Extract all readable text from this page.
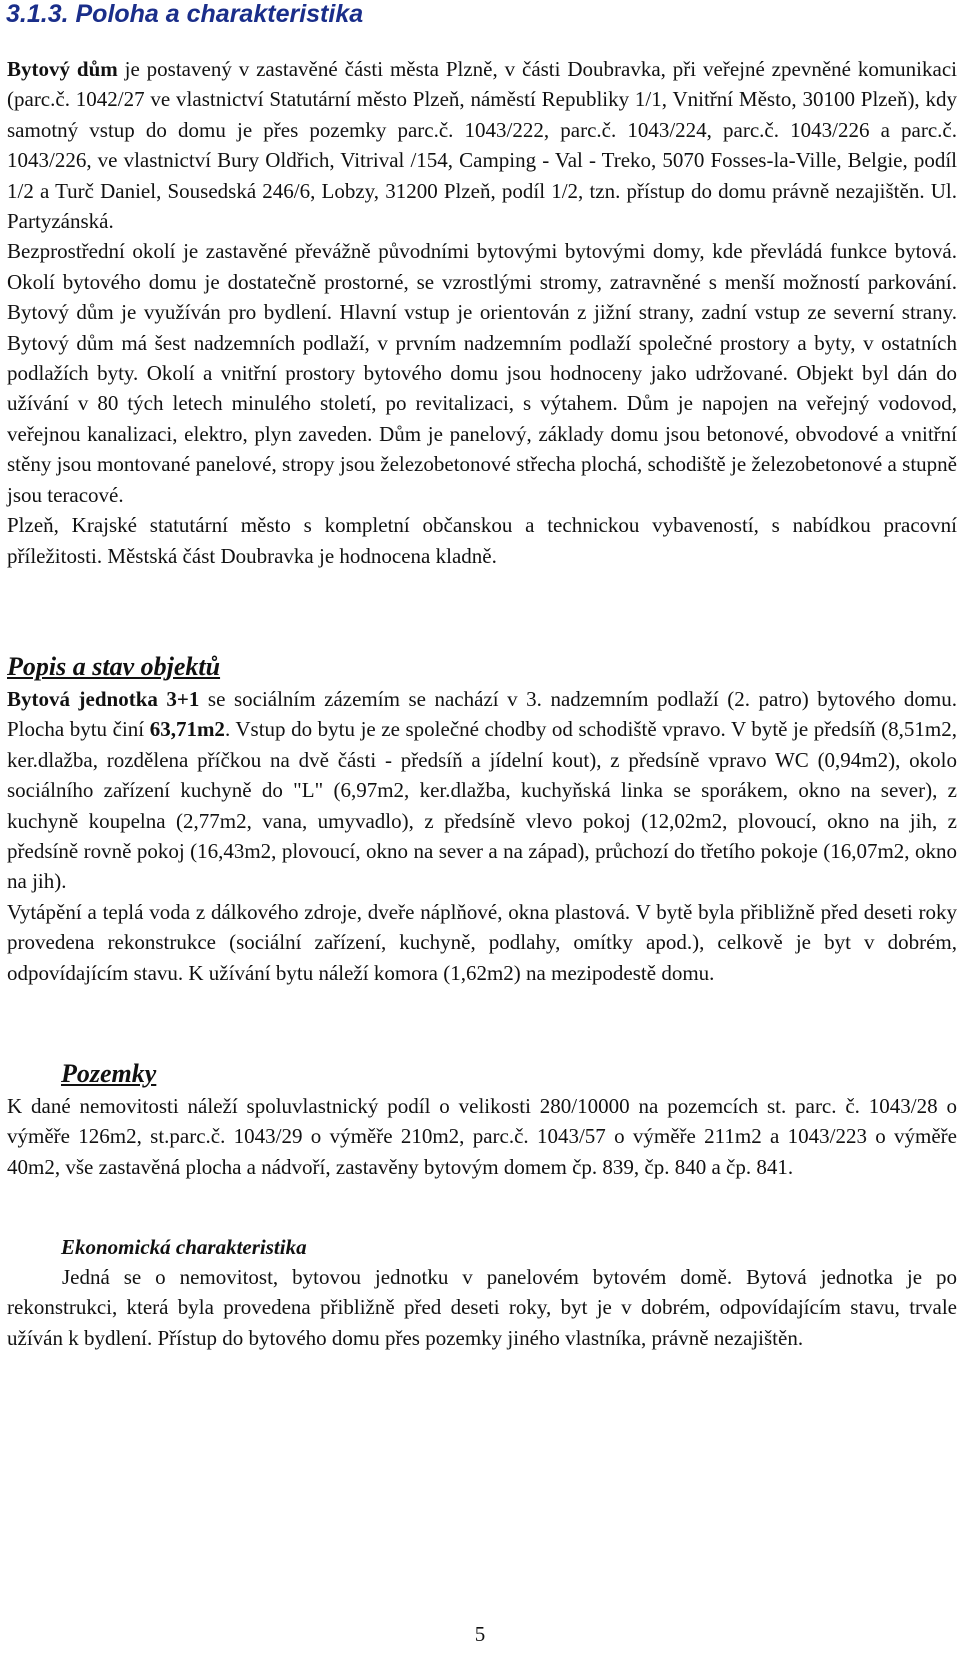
3.1.3. Poloha a charakteristika

Bytový dům je postavený v zastavěné části města Plzně, v části Doubravka, při veřejné zpevněné komunikaci (parc.č. 1042/27 ve vlastnictví Statutární město Plzeň, náměstí Republiky 1/1, Vnitřní Město, 30100 Plzeň), kdy samotný vstup do domu je přes pozemky parc.č. 1043/222, parc.č. 1043/224, parc.č. 1043/226 a parc.č. 1043/226, ve vlastnictví Bury Oldřich, Vitrival /154, Camping - Val - Treko, 5070 Fosses-la-Ville, Belgie, podíl 1/2 a Turč Daniel, Sousedská 246/6, Lobzy, 31200 Plzeň, podíl 1/2, tzn. přístup do domu právně nezajištěn. Ul. Partyzánská.

Bezprostřední okolí je zastavěné převážně původními bytovými bytovými domy, kde převládá funkce bytová. Okolí bytového domu je dostatečně prostorné, se vzrostlými stromy, zatravněné s menší možností parkování. Bytový dům je využíván pro bydlení. Hlavní vstup je orientován z jižní strany, zadní vstup ze severní strany. Bytový dům má šest nadzemních podlaží, v prvním nadzemním podlaží společné prostory a byty, v ostatních podlažích byty. Okolí a vnitřní prostory bytového domu jsou hodnoceny jako udržované. Objekt byl dán do užívání v 80 tých letech minulého století, po revitalizaci, s výtahem. Dům je napojen na veřejný vodovod, veřejnou kanalizaci, elektro, plyn zaveden. Dům je panelový, základy domu jsou betonové, obvodové a vnitřní stěny jsou montované panelové, stropy jsou železobetonové střecha plochá, schodiště je železobetonové a stupně jsou teracové.

Plzeň, Krajské statutární město s kompletní občanskou a technickou vybaveností, s nabídkou pracovní příležitosti. Městská část Doubravka je hodnocena kladně.

Popis a stav objektů

Bytová jednotka 3+1 se sociálním zázemím se nachází v 3. nadzemním podlaží (2. patro) bytového domu. Plocha bytu činí 63,71m2. Vstup do bytu je ze společné chodby od schodiště vpravo. V bytě je předsíň (8,51m2, ker.dlažba, rozdělena příčkou na dvě části - předsíň a jídelní kout), z předsíně vpravo WC (0,94m2), okolo sociálního zařízení kuchyně do "L" (6,97m2, ker.dlažba, kuchyňská linka se sporákem, okno na sever), z kuchyně koupelna (2,77m2, vana, umyvadlo), z předsíně vlevo pokoj (12,02m2, plovoucí, okno na jih, z předsíně rovně pokoj (16,43m2, plovoucí, okno na sever a na západ), průchozí do třetího pokoje (16,07m2, okno na jih).

Vytápění a teplá voda z dálkového zdroje, dveře náplňové, okna plastová. V bytě byla přibližně před deseti roky provedena rekonstrukce (sociální zařízení, kuchyně, podlahy, omítky apod.), celkově je byt v dobrém, odpovídajícím stavu. K užívání bytu náleží komora (1,62m2) na mezipodestě domu.

Pozemky

K dané nemovitosti náleží spoluvlastnický podíl o velikosti 280/10000 na pozemcích st. parc. č. 1043/28 o výměře 126m2, st.parc.č. 1043/29 o výměře 210m2, parc.č. 1043/57 o výměře 211m2 a 1043/223 o výměře 40m2, vše zastavěná plocha a nádvoří, zastavěny bytovým domem čp. 839, čp. 840 a čp. 841.

Ekonomická charakteristika

Jedná se o nemovitost, bytovou jednotku v panelovém bytovém domě. Bytová jednotka je po rekonstrukci, která byla provedena přibližně před deseti roky, byt je v dobrém, odpovídajícím stavu, trvale užíván k bydlení. Přístup do bytového domu přes pozemky jiného vlastníka, právně nezajištěn.

5
